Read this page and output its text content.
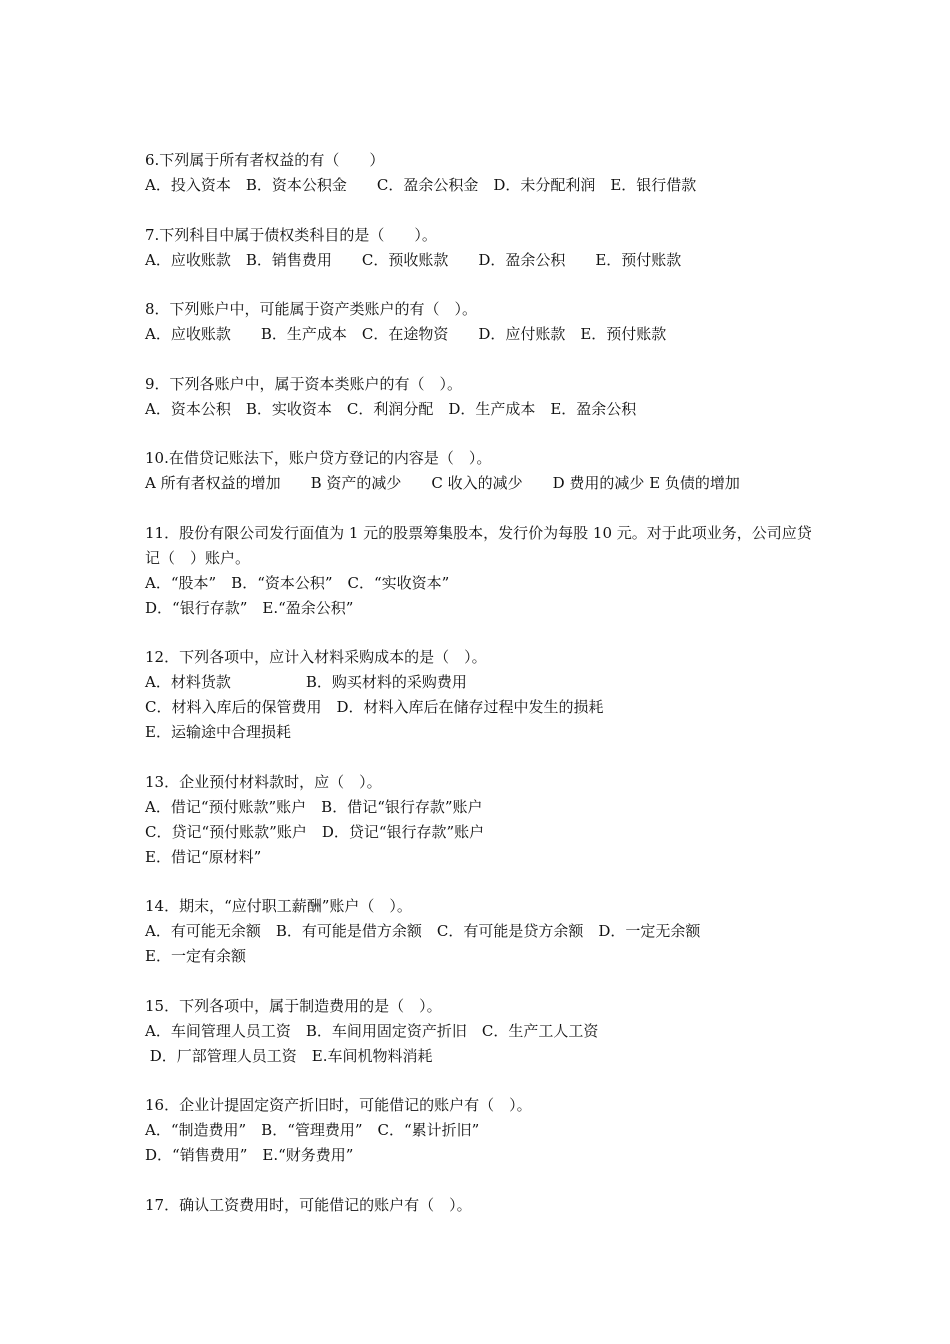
6.下列属于所有者权益的有（　　）

A．投入资本　B．资本公积金　　C．盈余公积金　D．未分配利润　E．银行借款

7.下列科目中属于债权类科目的是（　　）。

A．应收账款　B．销售费用　　C．预收账款　　D．盈余公积　　E．预付账款

8．下列账户中，可能属于资产类账户的有（　）。

A．应收账款　　B．生产成本　C．在途物资　　D．应付账款　E．预付账款

9．下列各账户中，属于资本类账户的有（　）。

A．资本公积　B．实收资本　C．利润分配　D．生产成本　E．盈余公积

10.在借贷记账法下，账户贷方登记的内容是（　）。

A 所有者权益的增加　　B 资产的减少　　C 收入的减少　　D 费用的减少 E 负债的增加

11．股份有限公司发行面值为 1 元的股票筹集股本，发行价为每股 10 元。对于此项业务，公司应贷记（　）账户。

A．“股本”　B．“资本公积”　C．“实收资本”

D．“银行存款”　E.“盈余公积”

12．下列各项中，应计入材料采购成本的是（　）。

A．材料货款　　　　　B．购买材料的采购费用

C．材料入库后的保管费用　D．材料入库后在储存过程中发生的损耗

E．运输途中合理损耗

13．企业预付材料款时，应（　）。

A．借记“预付账款”账户　B．借记“银行存款”账户

C．贷记“预付账款”账户　D．贷记“银行存款”账户

E．借记“原材料”

14．期末，“应付职工薪酬”账户（　）。

A．有可能无余额　B．有可能是借方余额　C．有可能是贷方余额　D．一定无余额

E．一定有余额

15．下列各项中，属于制造费用的是（　）。

A．车间管理人员工资　B．车间用固定资产折旧　C．生产工人工资

D．厂部管理人员工资　E.车间机物料消耗

16．企业计提固定资产折旧时，可能借记的账户有（　）。

A．“制造费用”　B．“管理费用”　C．“累计折旧”

D．“销售费用”　E.“财务费用”

17．确认工资费用时，可能借记的账户有（　）。
